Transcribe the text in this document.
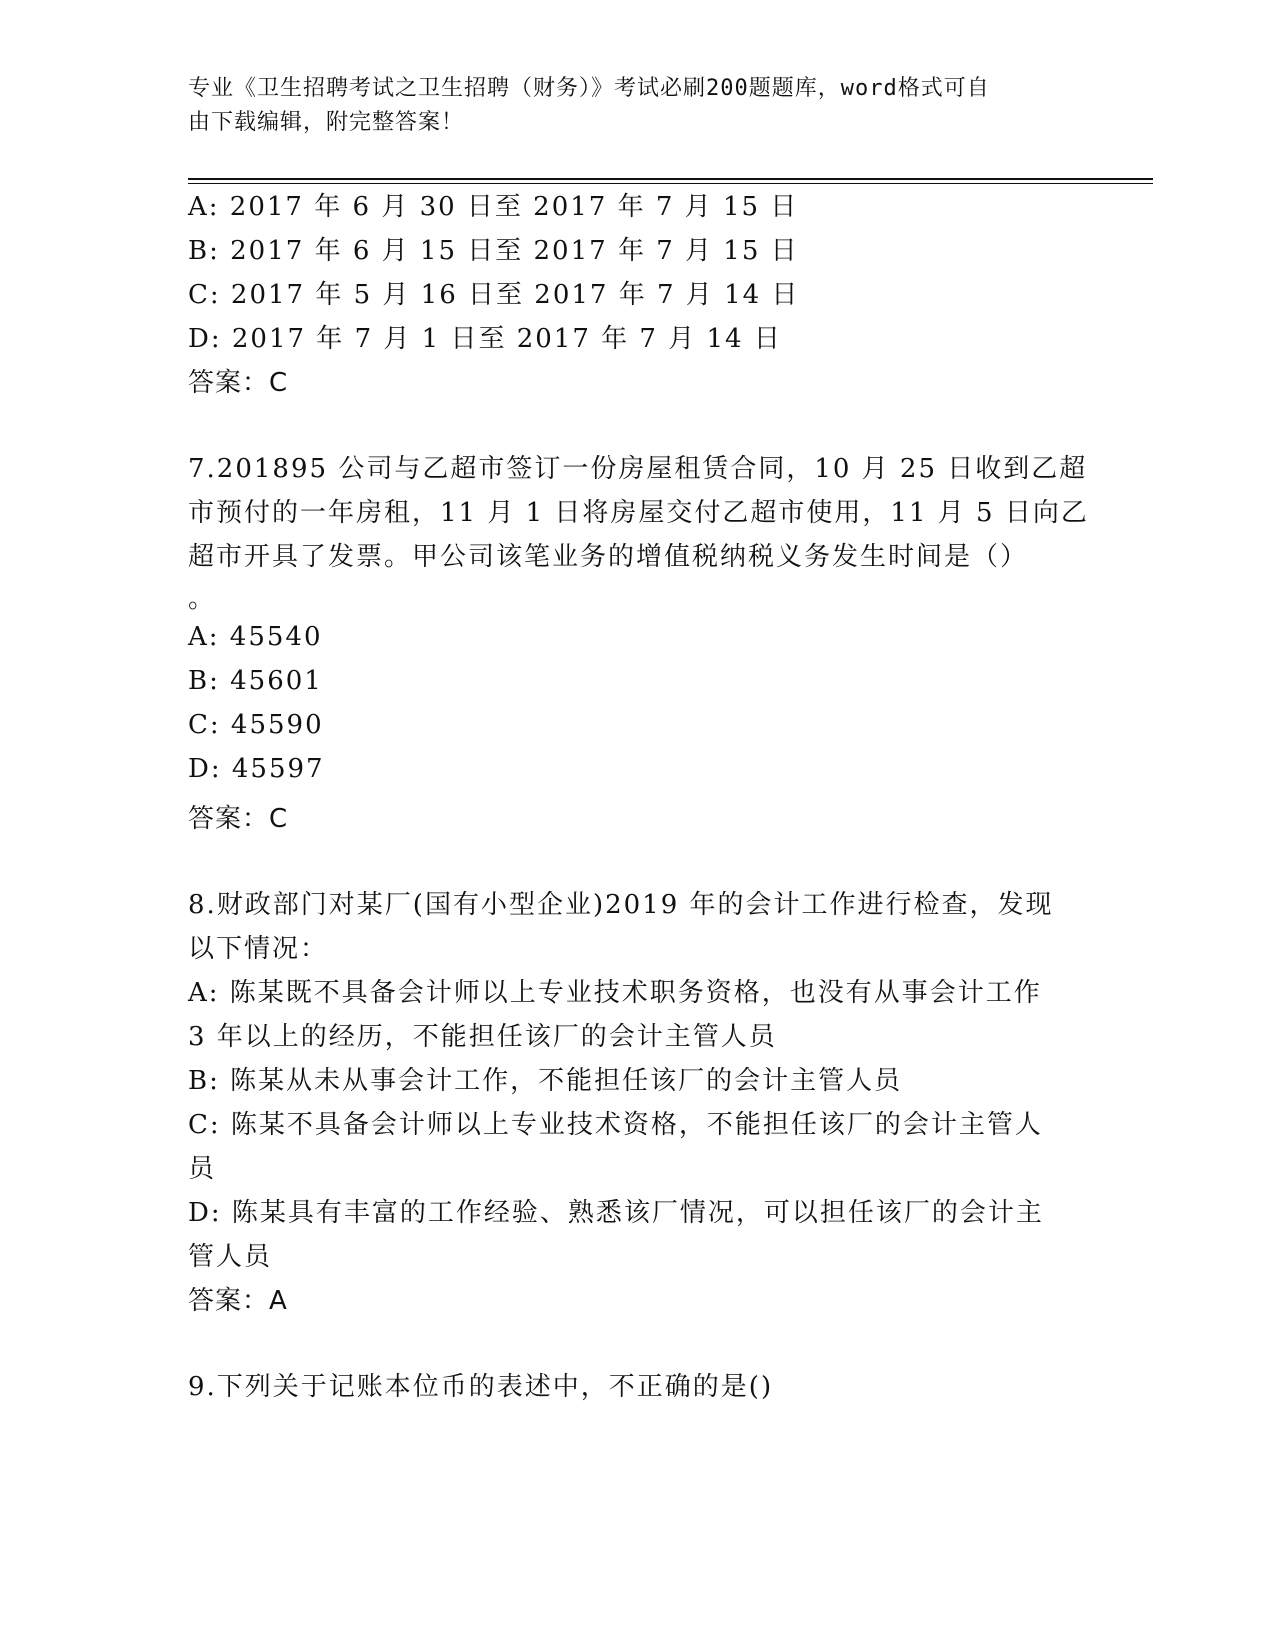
专业《卫生招聘考试之卫生招聘（财务）》考试必刷200题题库，word格式可自
由下载编辑，附完整答案！
A: 2017 年 6 月 30 日至 2017 年 7 月 15 日
B: 2017 年 6 月 15 日至 2017 年 7 月 15 日
C: 2017 年 5 月 16 日至 2017 年 7 月 14 日
D: 2017 年 7 月 1 日至 2017 年 7 月 14 日
答案：C
7.201895 公司与乙超市签订一份房屋租赁合同，10 月 25 日收到乙超
市预付的一年房租，11 月 1 日将房屋交付乙超市使用，11 月 5 日向乙
超市开具了发票。甲公司该笔业务的增值税纳税义务发生时间是（）
。
A: 45540
B: 45601
C: 45590
D: 45597
答案：C
8.财政部门对某厂(国有小型企业)2019 年的会计工作进行检查，发现
以下情况：
A: 陈某既不具备会计师以上专业技术职务资格，也没有从事会计工作
3 年以上的经历，不能担任该厂的会计主管人员
B: 陈某从未从事会计工作，不能担任该厂的会计主管人员
C: 陈某不具备会计师以上专业技术资格，不能担任该厂的会计主管人
员
D: 陈某具有丰富的工作经验、熟悉该厂情况，可以担任该厂的会计主
管人员
答案：A
9.下列关于记账本位币的表述中，不正确的是()
